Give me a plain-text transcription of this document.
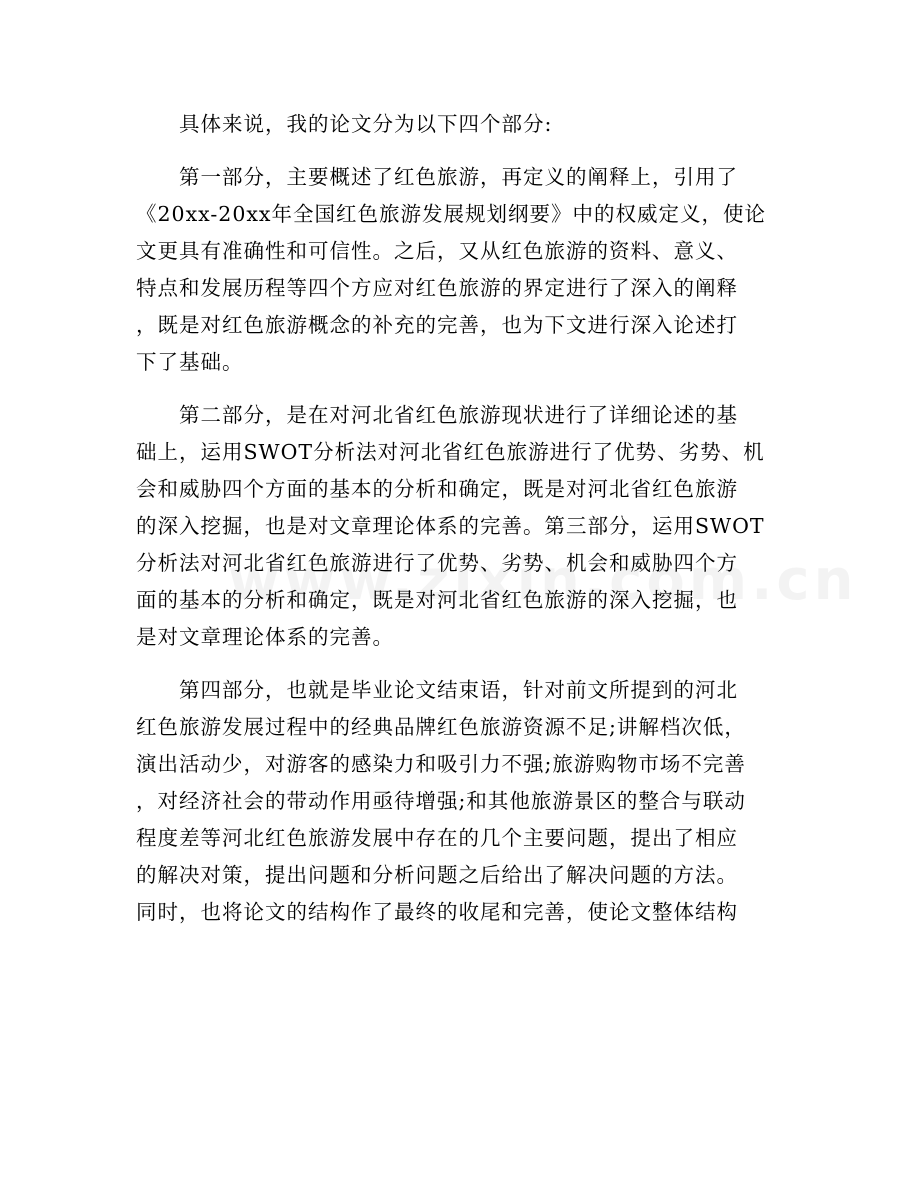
具体来说，我的论文分为以下四个部分:
第一部分，主要概述了红色旅游，再定义的阐释上，引用了
《20xx-20xx年全国红色旅游发展规划纲要》中的权威定义，使论
文更具有准确性和可信性。之后，又从红色旅游的资料、意义、
特点和发展历程等四个方应对红色旅游的界定进行了深入的阐释
，既是对红色旅游概念的补充的完善，也为下文进行深入论述打
下了基础。
第二部分，是在对河北省红色旅游现状进行了详细论述的基
础上，运用SWOT分析法对河北省红色旅游进行了优势、劣势、机
会和威胁四个方面的基本的分析和确定，既是对河北省红色旅游
的深入挖掘，也是对文章理论体系的完善。第三部分，运用SWOT
分析法对河北省红色旅游进行了优势、劣势、机会和威胁四个方
面的基本的分析和确定，既是对河北省红色旅游的深入挖掘，也
是对文章理论体系的完善。
第四部分，也就是毕业论文结束语，针对前文所提到的河北
红色旅游发展过程中的经典品牌红色旅游资源不足;讲解档次低，
演出活动少，对游客的感染力和吸引力不强;旅游购物市场不完善
，对经济社会的带动作用亟待增强;和其他旅游景区的整合与联动
程度差等河北红色旅游发展中存在的几个主要问题，提出了相应
的解决对策，提出问题和分析问题之后给出了解决问题的方法。
同时，也将论文的结构作了最终的收尾和完善，使论文整体结构
